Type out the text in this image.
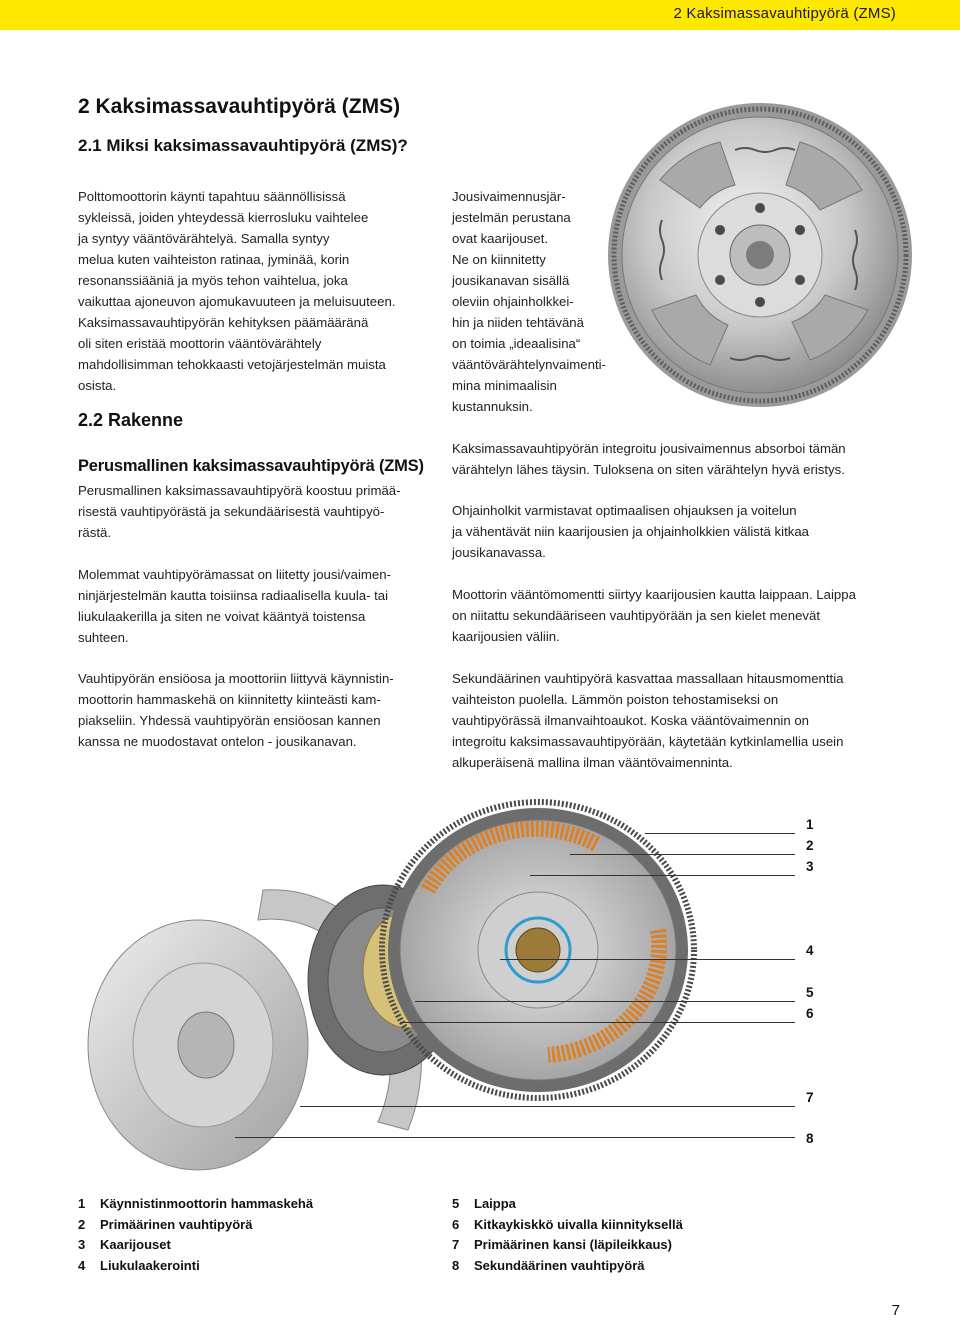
2 Kaksimassavauhtipyörä (ZMS)
2 Kaksimassavauhtipyörä (ZMS)
2.1 Miksi kaksimassavauhtipyörä (ZMS)?

Polttomoottorin käynti tapahtuu säännöllisissä
sykleissä, joiden yhteydessä kierrosluku vaihtelee
ja syntyy vääntövärähtelyä. Samalla syntyy
melua kuten vaihteiston ratinaa, jyminää, korin
resonanssiääniä ja myös tehon vaihtelua, joka
vaikuttaa ajoneuvon ajomukavuuteen ja meluisuuteen.
Kaksimassavauhtipyörän kehityksen päämääränä
oli siten eristää moottorin vääntövärähtely
mahdollisimman tehokkaasti vetojärjestelmän muista
osista.

2.2 Rakenne
Perusmallinen kaksimassavauhtipyörä (ZMS)

Perusmallinen kaksimassavauhtipyörä koostuu primää-
risestä vauhtipyörästä ja sekundäärisestä vauhtipyö-
rästä.

Molemmat vauhtipyörämassat on liitetty jousi/vaimen-
ninjärjestelmän kautta toisiinsa radiaalisella kuula- tai
liukulaakerilla ja siten ne voivat kääntyä toistensa
suhteen.

Vauhtipyörän ensiöosa ja moottoriin liittyvä käynnistin-
moottorin hammaskehä on kiinnitetty kiinteästi kam-
piakseliin. Yhdessä vauhtipyörän ensiöosan kannen
kanssa ne muodostavat ontelon - jousikanavan.

Jousivaimennusjär-
jestelmän perustana
ovat kaarijouset.
Ne on kiinnitetty
jousikanavan sisällä
oleviin ohjainholkkei-
hin ja niiden tehtävänä
on toimia „ideaalisina“
vääntövärähtelynvaimenti-
mina minimaalisin
kustannuksin.

Kaksimassavauhtipyörän integroitu jousivaimennus absorboi tämän
värähtelyn lähes täysin. Tuloksena on siten värähtelyn hyvä eristys.

Ohjainholkit varmistavat optimaalisen ohjauksen ja voitelun
ja vähentävät niin kaarijousien ja ohjainholkkien välistä kitkaa
jousikanavassa.

Moottorin vääntömomentti siirtyy kaarijousien kautta laippaan. Laippa
on niitattu sekundääriseen vauhtipyörään ja sen kielet menevät
kaarijousien väliin.

Sekundäärinen vauhtipyörä kasvattaa massallaan hitausmomenttia
vaihteiston puolella. Lämmön poiston tehostamiseksi on
vauhtipyörässä ilmanvaihtoaukot. Koska vääntövaimennin on
integroitu kaksimassavauhtipyörään, käytetään kytkinlamellia usein
alkuperäisenä mallina ilman vääntövaimenninta.

1
2
3
4
5
6
7
8
1	Käynnistinmoottorin hammaskehä
2	Primäärinen vauhtipyörä
3	Kaarijouset
4	Liukulaakerointi
5	Laippa
6	Kitkaykiskkö uivalla kiinnityksellä
7	Primäärinen kansi (läpileikkaus)
8	Sekundäärinen vauhtipyörä
7
